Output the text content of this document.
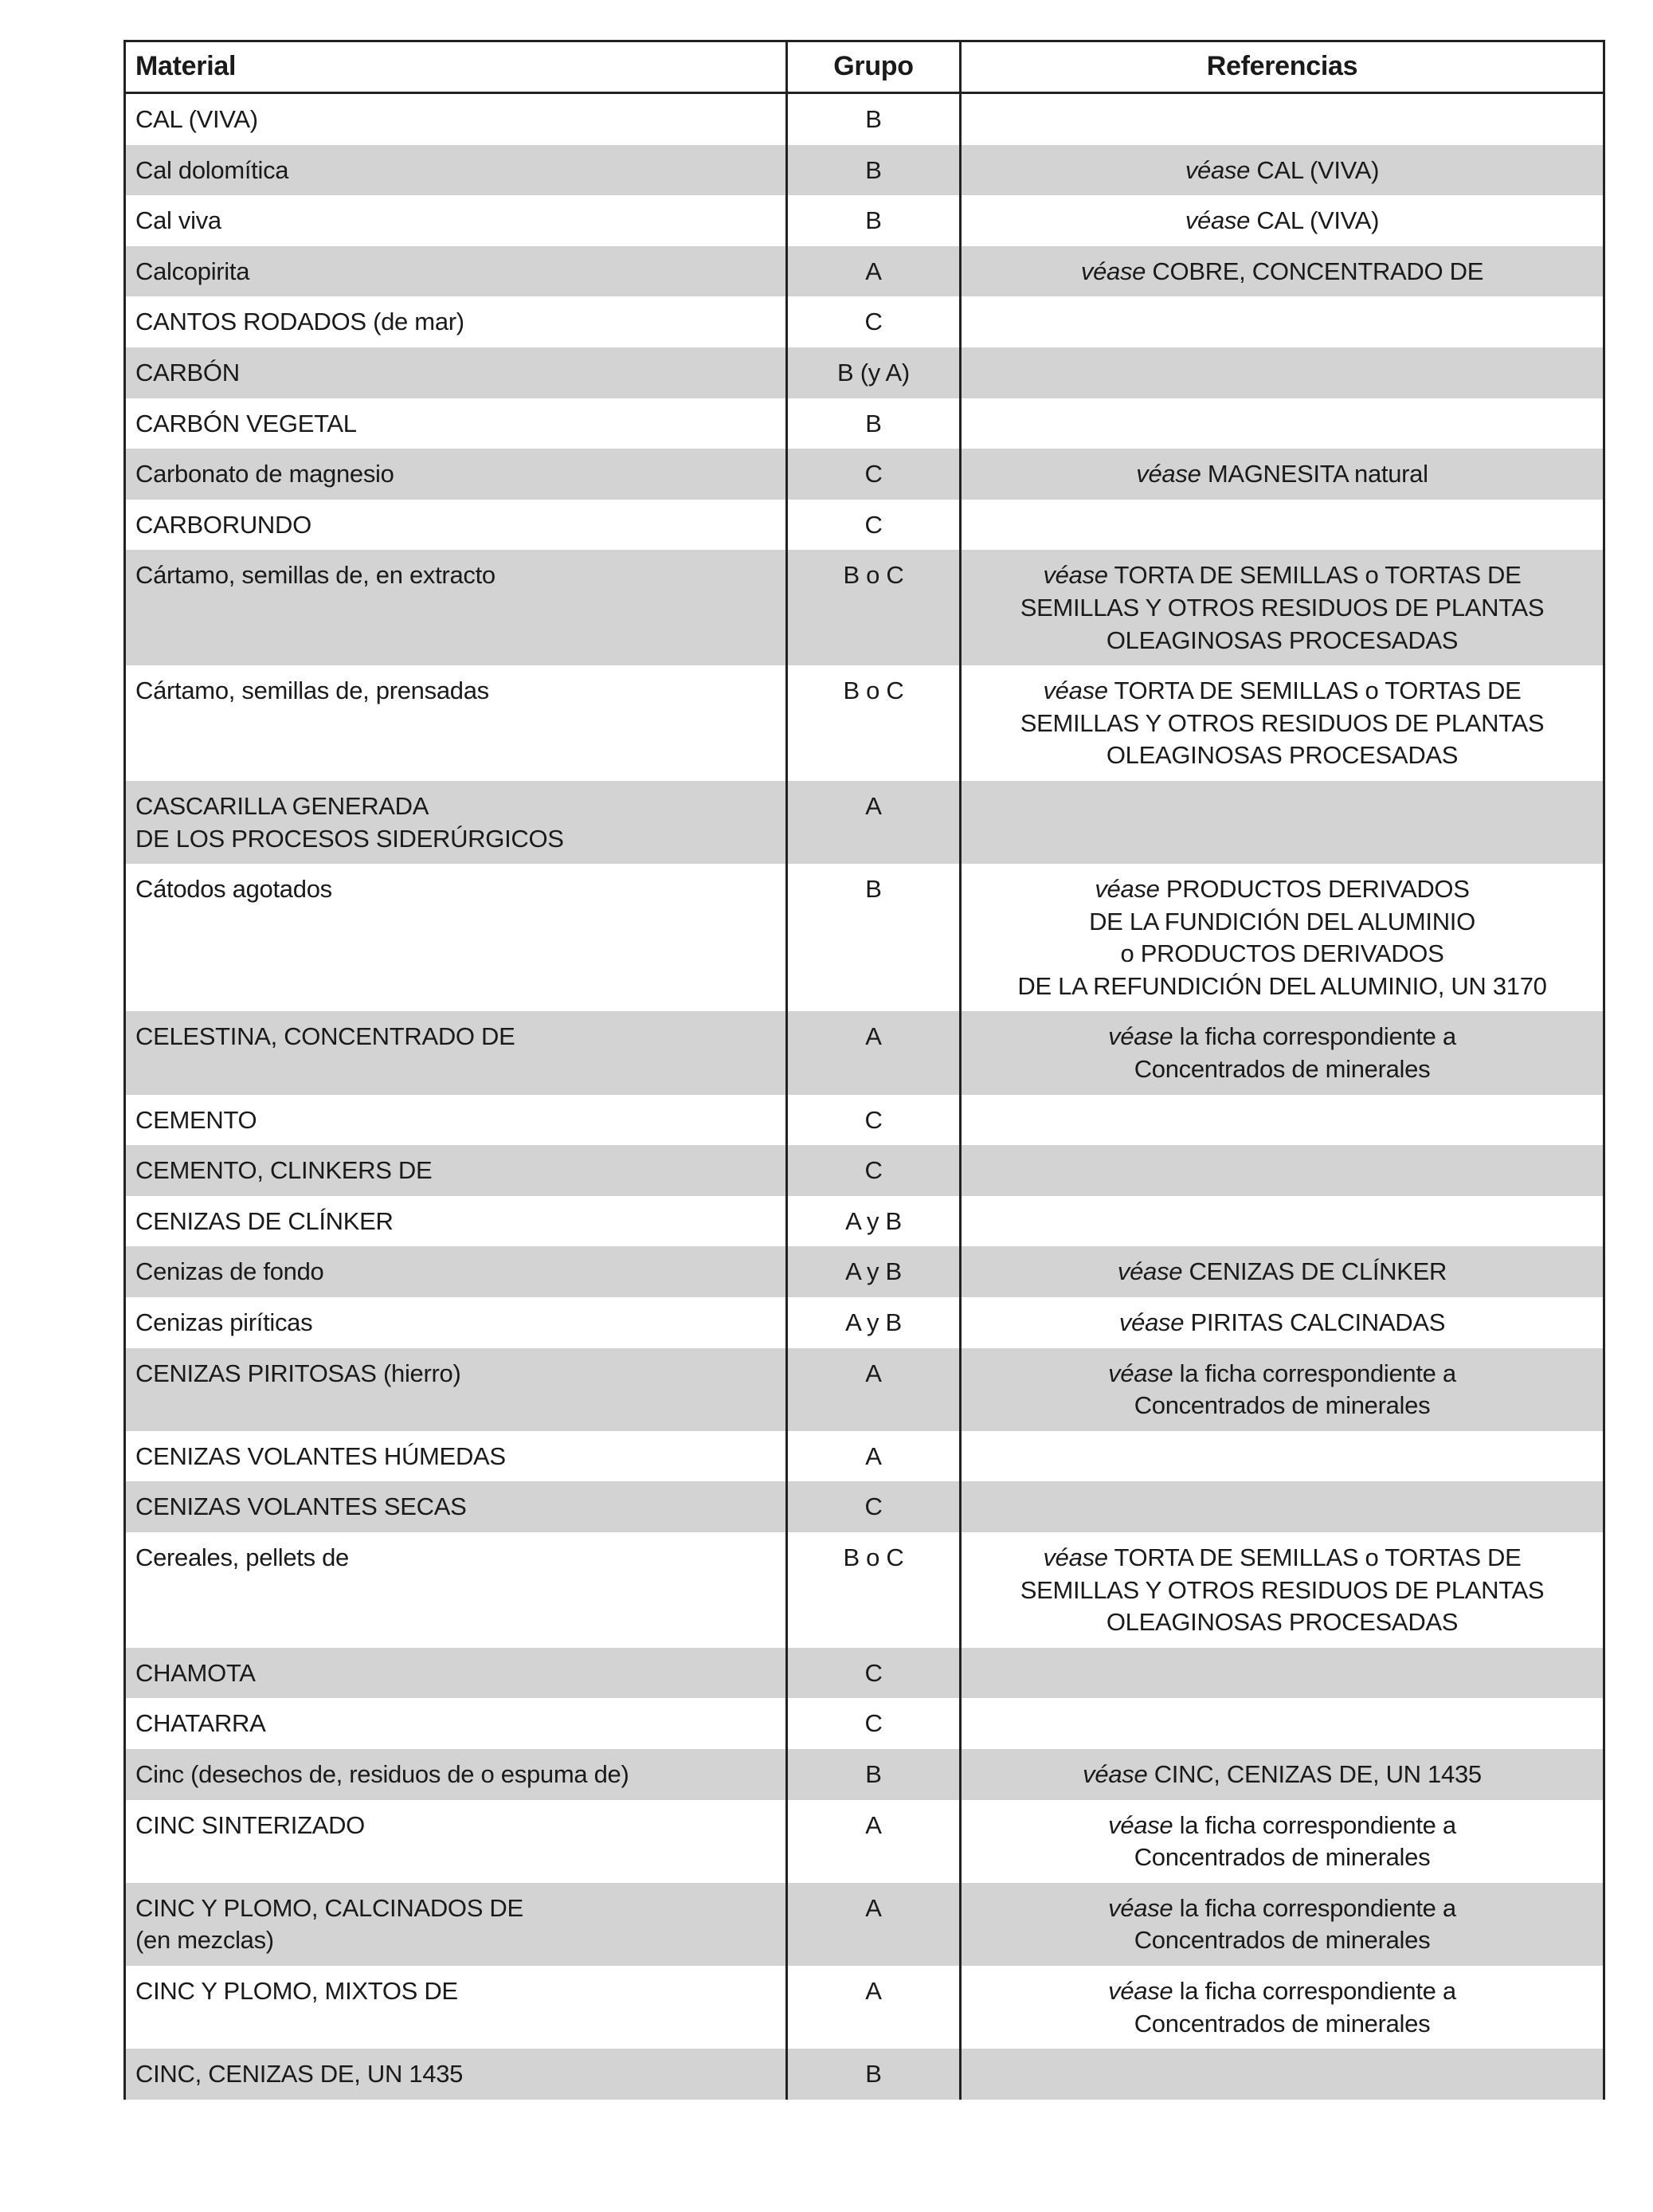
Material	Grupo	Referencias
CAL (VIVA)	B	
Cal dolomítica	B	véase CAL (VIVA)
Cal viva	B	véase CAL (VIVA)
Calcopirita	A	véase COBRE, CONCENTRADO DE
CANTOS RODADOS (de mar)	C	
CARBÓN	B (y A)	
CARBÓN VEGETAL	B	
Carbonato de magnesio	C	véase MAGNESITA natural
CARBORUNDO	C	
Cártamo, semillas de, en extracto	B o C	véase TORTA DE SEMILLAS o TORTAS DE
SEMILLAS Y OTROS RESIDUOS DE PLANTAS
OLEAGINOSAS PROCESADAS
Cártamo, semillas de, prensadas	B o C	véase TORTA DE SEMILLAS o TORTAS DE
SEMILLAS Y OTROS RESIDUOS DE PLANTAS
OLEAGINOSAS PROCESADAS
CASCARILLA GENERADA
DE LOS PROCESOS SIDERÚRGICOS	A	
Cátodos agotados	B	véase PRODUCTOS DERIVADOS
DE LA FUNDICIÓN DEL ALUMINIO
o PRODUCTOS DERIVADOS
DE LA REFUNDICIÓN DEL ALUMINIO, UN 3170
CELESTINA, CONCENTRADO DE	A	véase la ficha correspondiente a
Concentrados de minerales
CEMENTO	C	
CEMENTO, CLINKERS DE	C	
CENIZAS DE CLÍNKER	A y B	
Cenizas de fondo	A y B	véase CENIZAS DE CLÍNKER
Cenizas piríticas	A y B	véase PIRITAS CALCINADAS
CENIZAS PIRITOSAS (hierro)	A	véase la ficha correspondiente a
Concentrados de minerales
CENIZAS VOLANTES HÚMEDAS	A	
CENIZAS VOLANTES SECAS	C	
Cereales, pellets de	B o C	véase TORTA DE SEMILLAS o TORTAS DE
SEMILLAS Y OTROS RESIDUOS DE PLANTAS
OLEAGINOSAS PROCESADAS
CHAMOTA	C	
CHATARRA	C	
Cinc (desechos de, residuos de o espuma de)	B	véase CINC, CENIZAS DE, UN 1435
CINC SINTERIZADO	A	véase la ficha correspondiente a
Concentrados de minerales
CINC Y PLOMO, CALCINADOS DE
(en mezclas)	A	véase la ficha correspondiente a
Concentrados de minerales
CINC Y PLOMO, MIXTOS DE	A	véase la ficha correspondiente a
Concentrados de minerales
CINC, CENIZAS DE, UN 1435	B	
